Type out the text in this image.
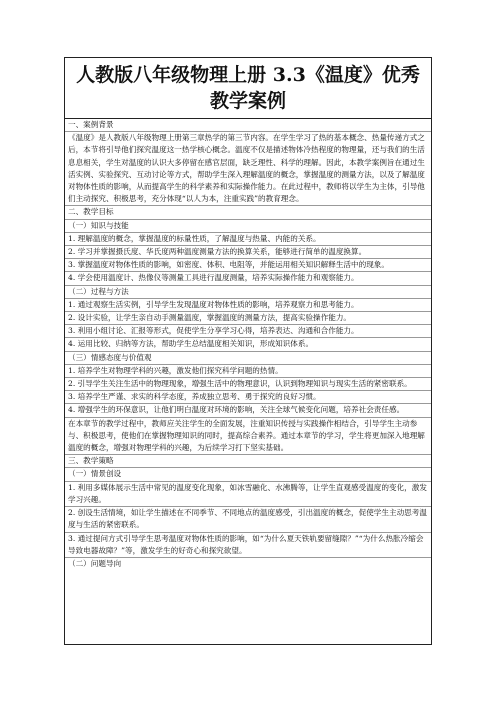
人教版八年级物理上册 3.3《温度》优秀教学案例
一、案例背景
《温度》是人教版八年级物理上册第三章热学的第三节内容。在学生学习了热的基本概念、热量传递方式之后，本节将引导他们探究温度这一热学核心概念。温度不仅是描述物体冷热程度的物理量，还与我们的生活息息相关，学生对温度的认识大多停留在感官层面，缺乏理性、科学的理解。因此，本教学案例旨在通过生活实例、实验探究、互动讨论等方式，帮助学生深入理解温度的概念，掌握温度的测量方法，以及了解温度对物体性质的影响，从而提高学生的科学素养和实际操作能力。在此过程中，教师将以学生为主体，引导他们主动探究、积极思考，充分体现“以人为本，注重实践”的教育理念。
二、教学目标
（一）知识与技能
1. 理解温度的概念，掌握温度的标量性质，了解温度与热量、内能的关系。
2. 学习并掌握摄氏度、华氏度两种温度测量方法的换算关系，能够进行简单的温度换算。
3. 掌握温度对物体性质的影响，如密度、体积、电阻等，并能运用相关知识解释生活中的现象。
4. 学会使用温度计、热像仪等测量工具进行温度测量，培养实际操作能力和观察能力。
（二）过程与方法
1. 通过观察生活实例，引导学生发现温度对物体性质的影响，培养观察力和思考能力。
2. 设计实验，让学生亲自动手测量温度，掌握温度的测量方法，提高实验操作能力。
3. 利用小组讨论、汇报等形式，促使学生分享学习心得，培养表达、沟通和合作能力。
4. 运用比较、归纳等方法，帮助学生总结温度相关知识，形成知识体系。
（三）情感态度与价值观
1. 培养学生对物理学科的兴趣，激发他们探究科学问题的热情。
2. 引导学生关注生活中的物理现象，增强生活中的物理意识，认识到物理知识与现实生活的紧密联系。
3. 培养学生严谨、求实的科学态度，养成独立思考、勇于探究的良好习惯。
4. 增强学生的环保意识，让他们明白温度对环境的影响，关注全球气候变化问题，培养社会责任感。
在本章节的教学过程中，教师应关注学生的全面发展，注重知识传授与实践操作相结合，引导学生主动参与、积极思考，使他们在掌握物理知识的同时，提高综合素养。通过本章节的学习，学生将更加深入地理解温度的概念，增强对物理学科的兴趣，为后续学习打下坚实基础。
三、教学策略
（一）情景创设
1. 利用多媒体展示生活中常见的温度变化现象，如冰雪融化、水沸腾等，让学生直观感受温度的变化，激发学习兴趣。
2. 创设生活情境，如让学生描述在不同季节、不同地点的温度感受，引出温度的概念，促使学生主动思考温度与生活的紧密联系。
3. 通过提问方式引导学生思考温度对物体性质的影响，如“为什么夏天铁轨要留缝隙？”“为什么热胀冷缩会导致电器故障？”等，激发学生的好奇心和探究欲望。
（二）问题导向
